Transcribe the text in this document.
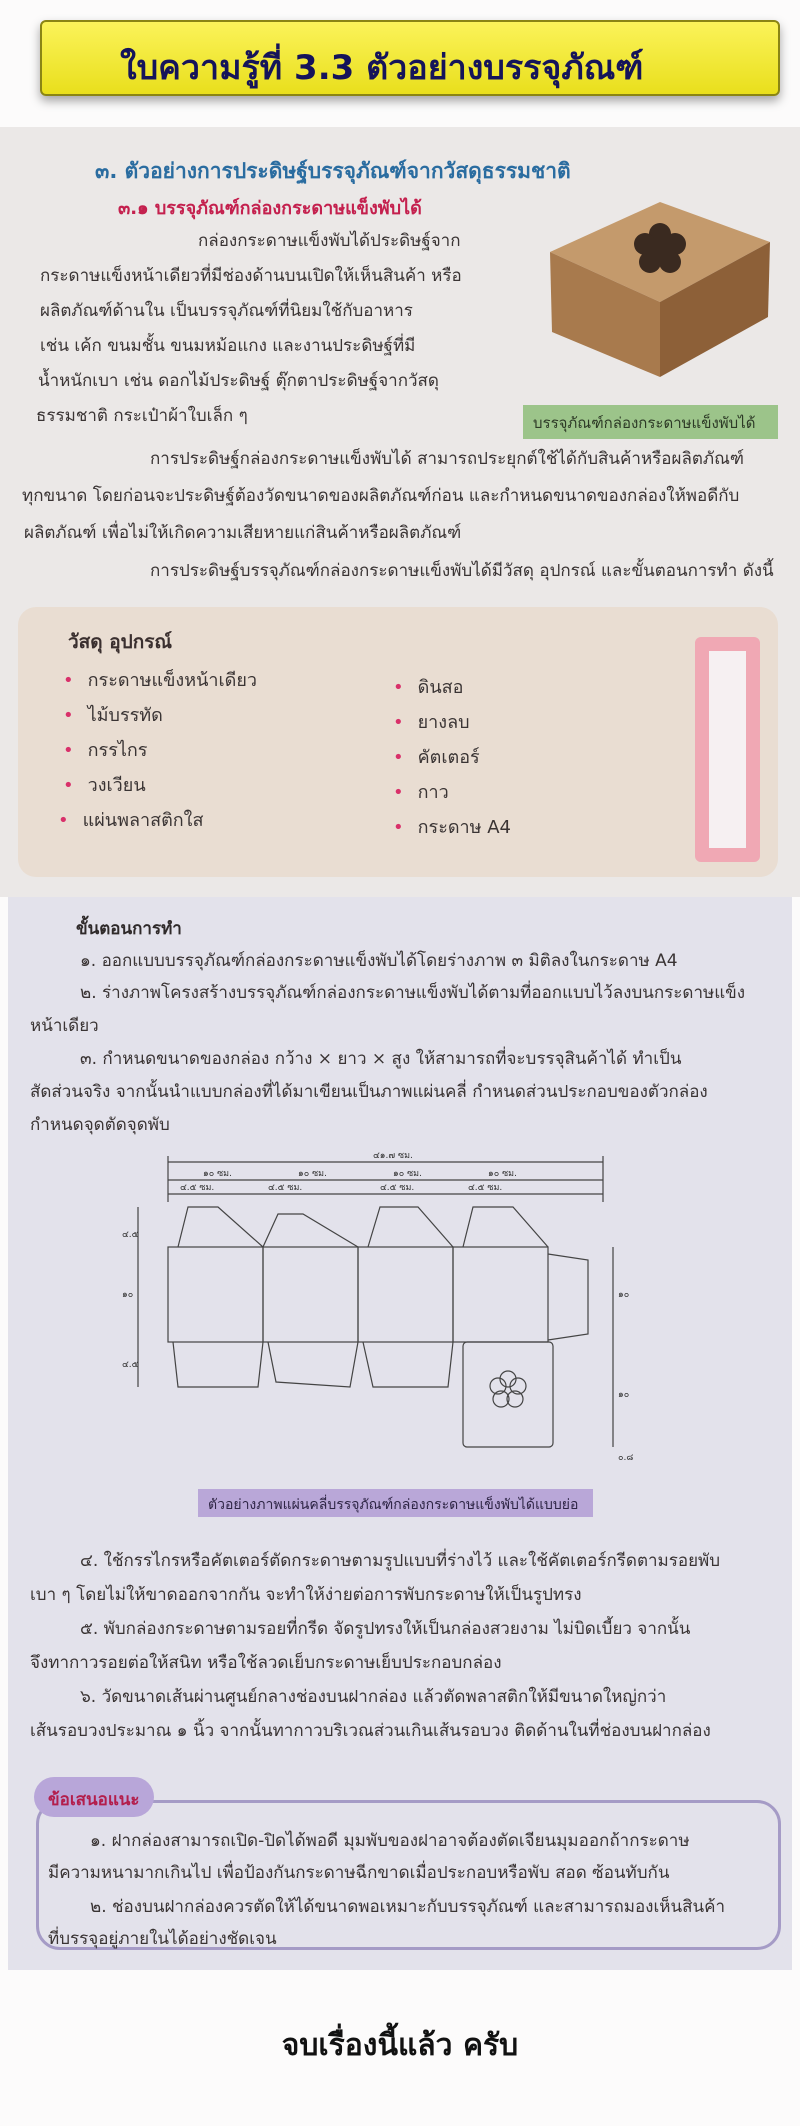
ใบความรู้ที่ 3.3 ตัวอย่างบรรจุภัณฑ์
๓. ตัวอย่างการประดิษฐ์บรรจุภัณฑ์จากวัสดุธรรมชาติ
๓.๑ บรรจุภัณฑ์กล่องกระดาษแข็งพับได้
กล่องกระดาษแข็งพับได้ประดิษฐ์จาก
กระดาษแข็งหน้าเดียวที่มีช่องด้านบนเปิดให้เห็นสินค้า หรือ
ผลิตภัณฑ์ด้านใน เป็นบรรจุภัณฑ์ที่นิยมใช้กับอาหาร
เช่น เค้ก ขนมชั้น ขนมหม้อแกง และงานประดิษฐ์ที่มี
น้ำหนักเบา เช่น ดอกไม้ประดิษฐ์ ตุ๊กตาประดิษฐ์จากวัสดุ
ธรรมชาติ กระเป๋าผ้าใบเล็ก ๆ	บรรจุภัณฑ์กล่องกระดาษแข็งพับได้
การประดิษฐ์กล่องกระดาษแข็งพับได้ สามารถประยุกต์ใช้ได้กับสินค้าหรือผลิตภัณฑ์
ทุกขนาด โดยก่อนจะประดิษฐ์ต้องวัดขนาดของผลิตภัณฑ์ก่อน และกำหนดขนาดของกล่องให้พอดีกับ
ผลิตภัณฑ์ เพื่อไม่ให้เกิดความเสียหายแก่สินค้าหรือผลิตภัณฑ์
การประดิษฐ์บรรจุภัณฑ์กล่องกระดาษแข็งพับได้มีวัสดุ อุปกรณ์ และขั้นตอนการทำ ดังนี้
วัสดุ อุปกรณ์
• กระดาษแข็งหน้าเดียว
• ไม้บรรทัด
• กรรไกร
• วงเวียน
• แผ่นพลาสติกใส
• ดินสอ
• ยางลบ
• คัตเตอร์
• กาว
• กระดาษ A4
ขั้นตอนการทำ
๑. ออกแบบบรรจุภัณฑ์กล่องกระดาษแข็งพับได้โดยร่างภาพ ๓ มิติลงในกระดาษ A4
๒. ร่างภาพโครงสร้างบรรจุภัณฑ์กล่องกระดาษแข็งพับได้ตามที่ออกแบบไว้ลงบนกระดาษแข็ง
หน้าเดียว
๓. กำหนดขนาดของกล่อง กว้าง × ยาว × สูง ให้สามารถที่จะบรรจุสินค้าได้ ทำเป็น
สัดส่วนจริง จากนั้นนำแบบกล่องที่ได้มาเขียนเป็นภาพแผ่นคลี่ กำหนดส่วนประกอบของตัวกล่อง
กำหนดจุดตัดจุดพับ
๔๑.๗ ซม.
๑๐ ซม.	๑๐ ซม.	๑๐ ซม.	๑๐ ซม.
๔.๕ ซม.	๔.๕ ซม.	๔.๕ ซม.	๔.๕ ซม.
๑๐
๔.๕
๔.๕
๑๐
๑๐
๐.๘
ตัวอย่างภาพแผ่นคลี่บรรจุภัณฑ์กล่องกระดาษแข็งพับได้แบบย่อ
๔. ใช้กรรไกรหรือคัตเตอร์ตัดกระดาษตามรูปแบบที่ร่างไว้ และใช้คัตเตอร์กรีดตามรอยพับ
เบา ๆ โดยไม่ให้ขาดออกจากกัน จะทำให้ง่ายต่อการพับกระดาษให้เป็นรูปทรง
๕. พับกล่องกระดาษตามรอยที่กรีด จัดรูปทรงให้เป็นกล่องสวยงาม ไม่บิดเบี้ยว จากนั้น
จึงทากาวรอยต่อให้สนิท หรือใช้ลวดเย็บกระดาษเย็บประกอบกล่อง
๖. วัดขนาดเส้นผ่านศูนย์กลางช่องบนฝากล่อง แล้วตัดพลาสติกให้มีขนาดใหญ่กว่า
เส้นรอบวงประมาณ ๑ นิ้ว จากนั้นทากาวบริเวณส่วนเกินเส้นรอบวง ติดด้านในที่ช่องบนฝากล่อง
ข้อเสนอแนะ
๑. ฝากล่องสามารถเปิด-ปิดได้พอดี มุมพับของฝาอาจต้องตัดเจียนมุมออกถ้ากระดาษ
มีความหนามากเกินไป เพื่อป้องกันกระดาษฉีกขาดเมื่อประกอบหรือพับ สอด ซ้อนทับกัน
๒. ช่องบนฝากล่องควรตัดให้ได้ขนาดพอเหมาะกับบรรจุภัณฑ์ และสามารถมองเห็นสินค้า
ที่บรรจุอยู่ภายในได้อย่างชัดเจน
จบเรื่องนี้แล้ว ครับ
